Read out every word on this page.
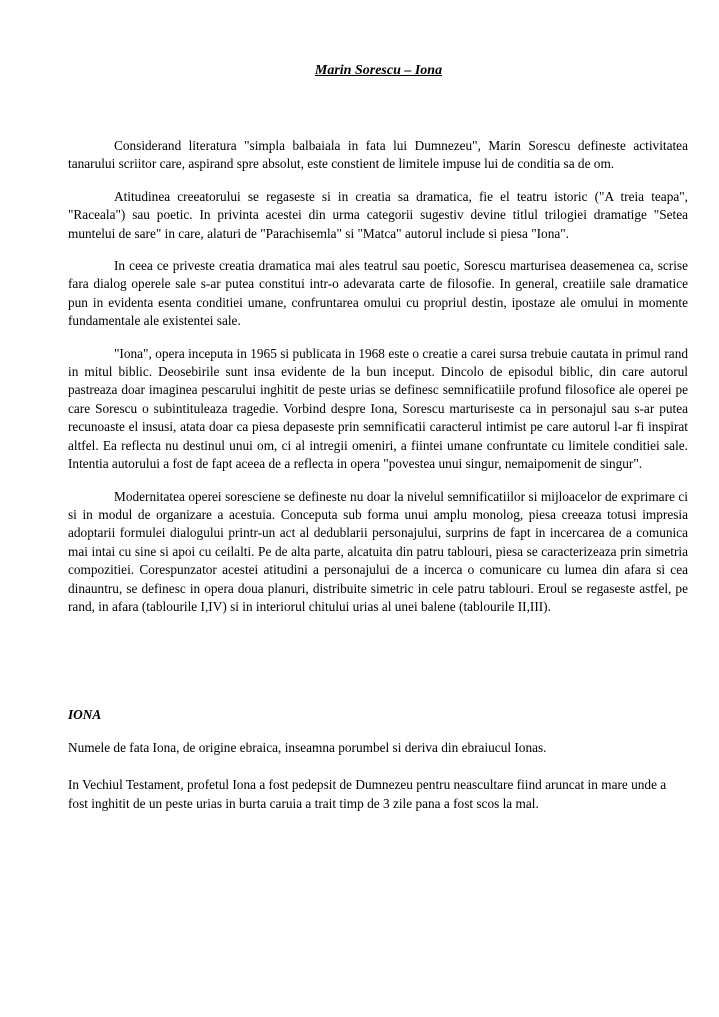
Marin Sorescu – Iona

Considerand literatura "simpla balbaiala in fata lui Dumnezeu", Marin Sorescu defineste activitatea tanarului scriitor care, aspirand spre absolut, este constient de limitele impuse lui de conditia sa de om.

Atitudinea creeatorului se regaseste si in creatia sa dramatica, fie el teatru istoric ("A treia teapa", "Raceala") sau poetic. In privinta acestei din urma categorii sugestiv devine titlul trilogiei dramatige "Setea muntelui de sare" in care, alaturi de "Parachisemla" si "Matca" autorul include si piesa "Iona".

In ceea ce priveste creatia dramatica mai ales teatrul sau poetic, Sorescu marturisea deasemenea ca, scrise fara dialog operele sale s-ar putea constitui intr-o adevarata carte de filosofie. In general, creatiile sale dramatice pun in evidenta esenta conditiei umane, confruntarea omului cu propriul destin, ipostaze ale omului in momente fundamentale ale existentei sale.

"Iona", opera inceputa in 1965 si publicata in 1968 este o creatie a carei sursa trebuie cautata in primul rand in mitul biblic. Deosebirile sunt insa evidente de la bun inceput. Dincolo de episodul biblic, din care autorul pastreaza doar imaginea pescarului inghitit de peste urias se definesc semnificatiile profund filosofice ale operei pe care Sorescu o subintituleaza tragedie. Vorbind despre Iona, Sorescu marturiseste ca in personajul sau s-ar putea recunoaste el insusi, atata doar ca piesa depaseste prin semnificatii caracterul intimist pe care autorul l-ar fi inspirat altfel. Ea reflecta nu destinul unui om, ci al intregii omeniri, a fiintei umane confruntate cu limitele conditiei sale. Intentia autorului a fost de fapt aceea de a reflecta in opera "povestea unui singur, nemaipomenit de singur".

Modernitatea operei soresciene se defineste nu doar la nivelul semnificatiilor si mijloacelor de exprimare ci si in modul de organizare a acestuia. Conceputa sub forma unui amplu monolog, piesa creeaza totusi impresia adoptarii formulei dialogului printr-un act al dedublarii personajului, surprins de fapt in incercarea de a comunica mai intai cu sine si apoi cu ceilalti. Pe de alta parte, alcatuita din patru tablouri, piesa se caracterizeaza prin simetria compozitiei. Corespunzator acestei atitudini a personajului de a incerca o comunicare cu lumea din afara si cea dinauntru, se definesc in opera doua planuri, distribuite simetric in cele patru tablouri. Eroul se regaseste astfel, pe rand, in afara (tablourile I,IV) si in interiorul chitului urias al unei balene (tablourile II,III).

IONA

Numele de fata Iona, de origine ebraica, inseamna porumbel si deriva din ebraiucul Ionas.

In Vechiul Testament, profetul Iona a fost pedepsit de Dumnezeu pentru neascultare fiind aruncat in mare unde a fost inghitit de un peste urias in burta caruia a trait timp de 3 zile pana a fost scos la mal.
